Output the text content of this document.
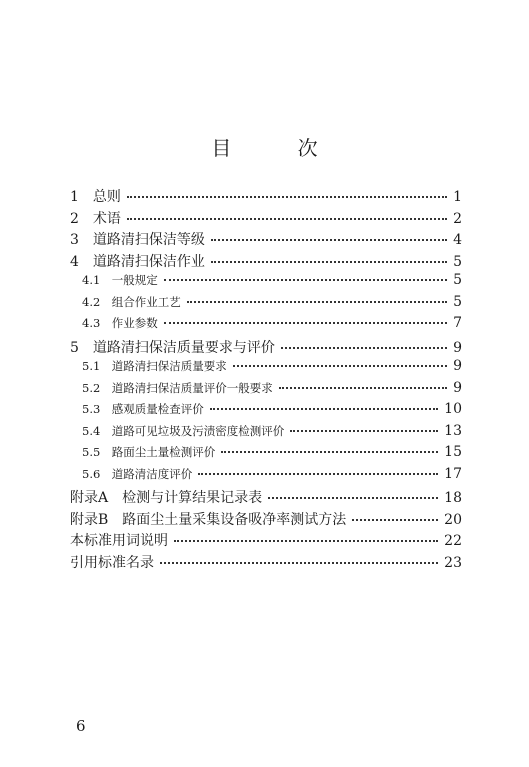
目 次
1　总则	1
2　术语	2
3　道路清扫保洁等级	4
4　道路清扫保洁作业	5
4.1　一般规定	5
4.2　组合作业工艺	5
4.3　作业参数	7
5　道路清扫保洁质量要求与评价	9
5.1　道路清扫保洁质量要求	9
5.2　道路清扫保洁质量评价一般要求	9
5.3　感观质量检查评价	10
5.4　道路可见垃圾及污渍密度检测评价	13
5.5　路面尘土量检测评价	15
5.6　道路清洁度评价	17
附录A　检测与计算结果记录表	18
附录B　路面尘土量采集设备吸净率测试方法	20
本标准用词说明	22
引用标准名录	23
6
